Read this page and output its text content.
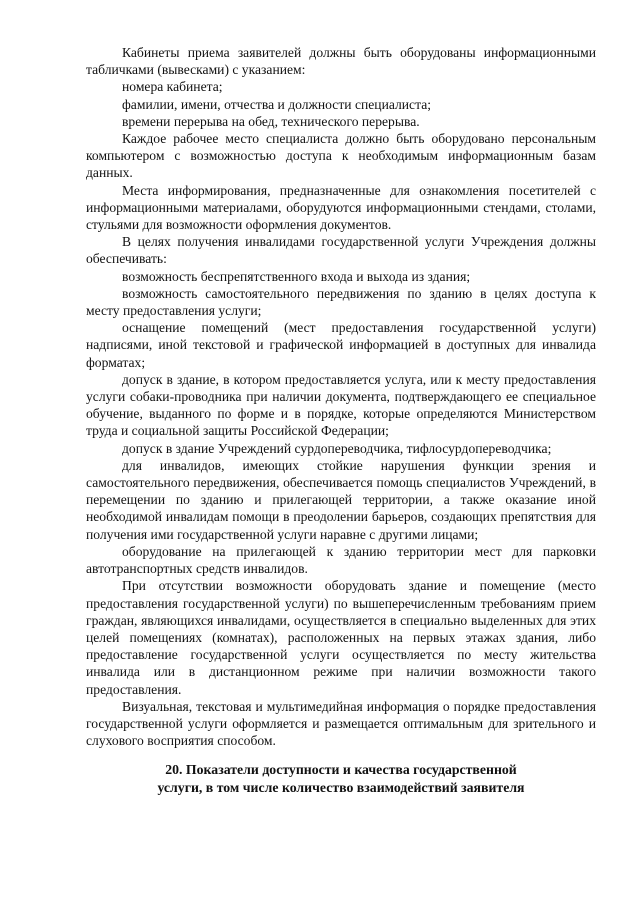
Кабинеты приема заявителей должны быть оборудованы информационными табличками (вывесками) с указанием:

номера кабинета;

фамилии, имени, отчества и должности специалиста;

времени перерыва на обед, технического перерыва.

Каждое рабочее место специалиста должно быть оборудовано персональным компьютером с возможностью доступа к необходимым информационным базам данных.

Места информирования, предназначенные для ознакомления посетителей с информационными материалами, оборудуются информационными стендами, столами, стульями для возможности оформления документов.

В целях получения инвалидами государственной услуги Учреждения должны обеспечивать:

возможность беспрепятственного входа и выхода из здания;

возможность самостоятельного передвижения по зданию в целях доступа к месту предоставления услуги;

оснащение помещений (мест предоставления государственной услуги) надписями, иной текстовой и графической информацией в доступных для инвалида форматах;

допуск в здание, в котором предоставляется услуга, или к месту предоставления услуги собаки-проводника при наличии документа, подтверждающего ее специальное обучение, выданного по форме и в порядке, которые определяются Министерством труда и социальной защиты Российской Федерации;

допуск в здание Учреждений сурдопереводчика, тифлосурдопереводчика;

для инвалидов, имеющих стойкие нарушения функции зрения и самостоятельного передвижения, обеспечивается помощь специалистов Учреждений, в перемещении по зданию и прилегающей территории, а также оказание иной необходимой инвалидам помощи в преодолении барьеров, создающих препятствия для получения ими государственной услуги наравне с другими лицами;

оборудование на прилегающей к зданию территории мест для парковки автотранспортных средств инвалидов.

При отсутствии возможности оборудовать здание и помещение (место предоставления государственной услуги) по вышеперечисленным требованиям прием граждан, являющихся инвалидами, осуществляется в специально выделенных для этих целей помещениях (комнатах), расположенных на первых этажах здания, либо предоставление государственной услуги осуществляется по месту жительства инвалида или в дистанционном режиме при наличии возможности такого предоставления.

Визуальная, текстовая и мультимедийная информация о порядке предоставления государственной услуги оформляется и размещается оптимальным для зрительного и слухового восприятия способом.

20. Показатели доступности и качества государственной

услуги, в том числе количество взаимодействий заявителя
